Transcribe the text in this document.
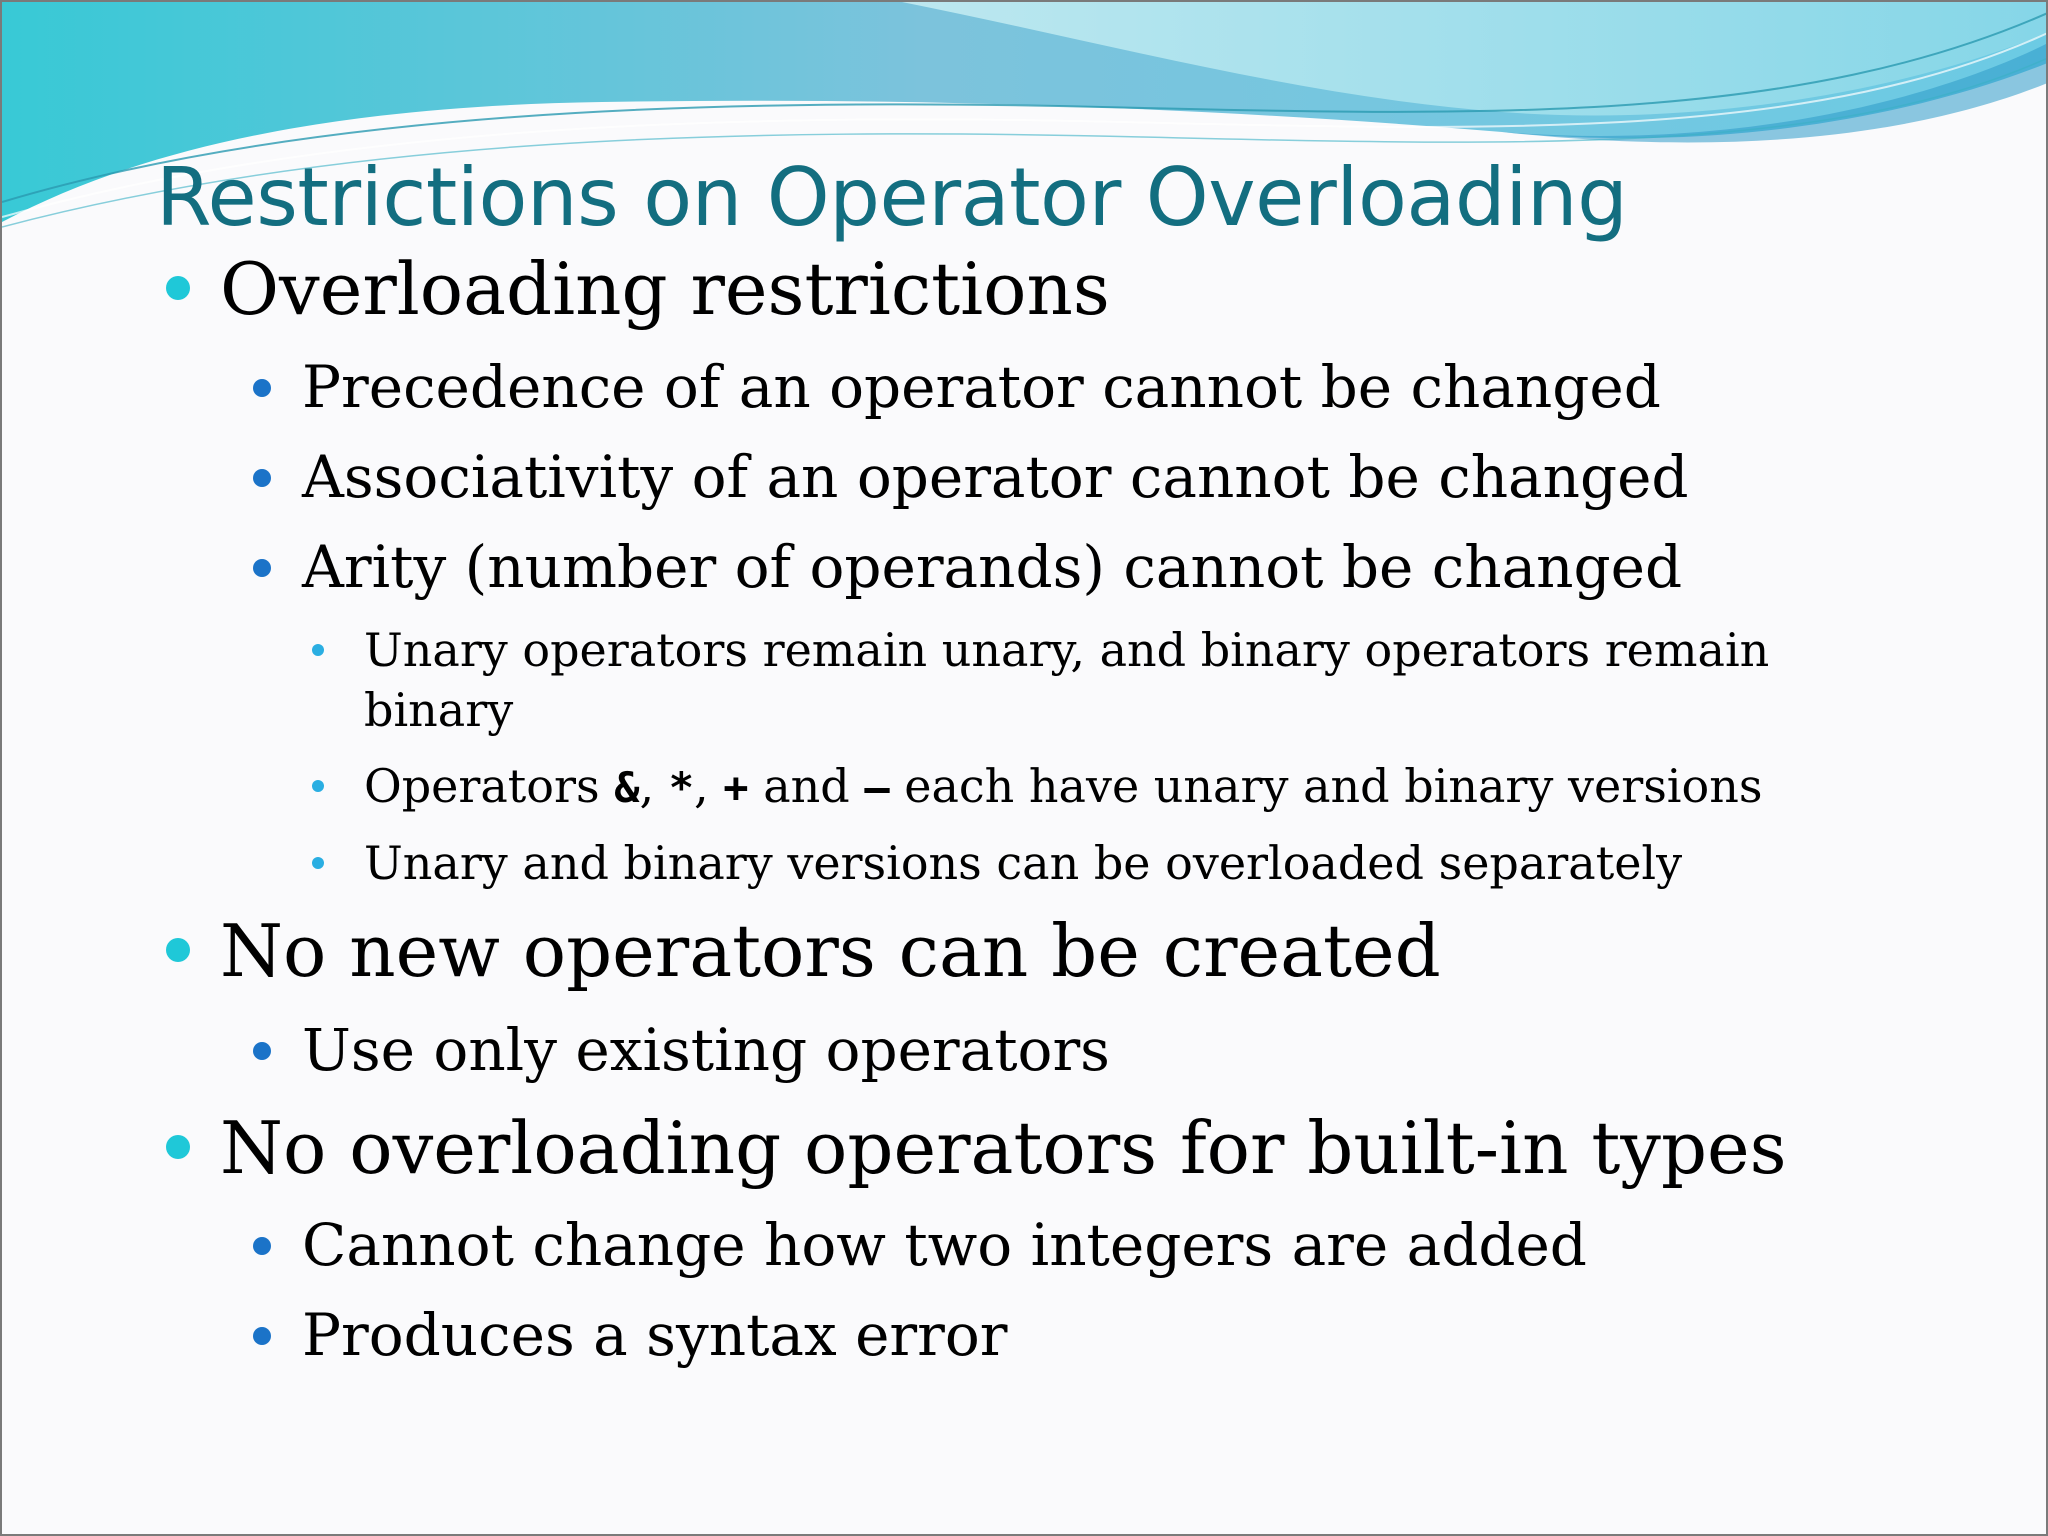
Restrictions on Operator Overloading
Overloading restrictions
Precedence of an operator cannot be changed
Associativity of an operator cannot be changed
Arity (number of operands) cannot be changed
Unary operators remain unary, and binary operators remain binary
Operators &, *, + and – each have unary and binary versions
Unary and binary versions can be overloaded separately
No new operators can be created
Use only existing operators
No overloading operators for built-in types
Cannot change how two integers are added
Produces a syntax error
